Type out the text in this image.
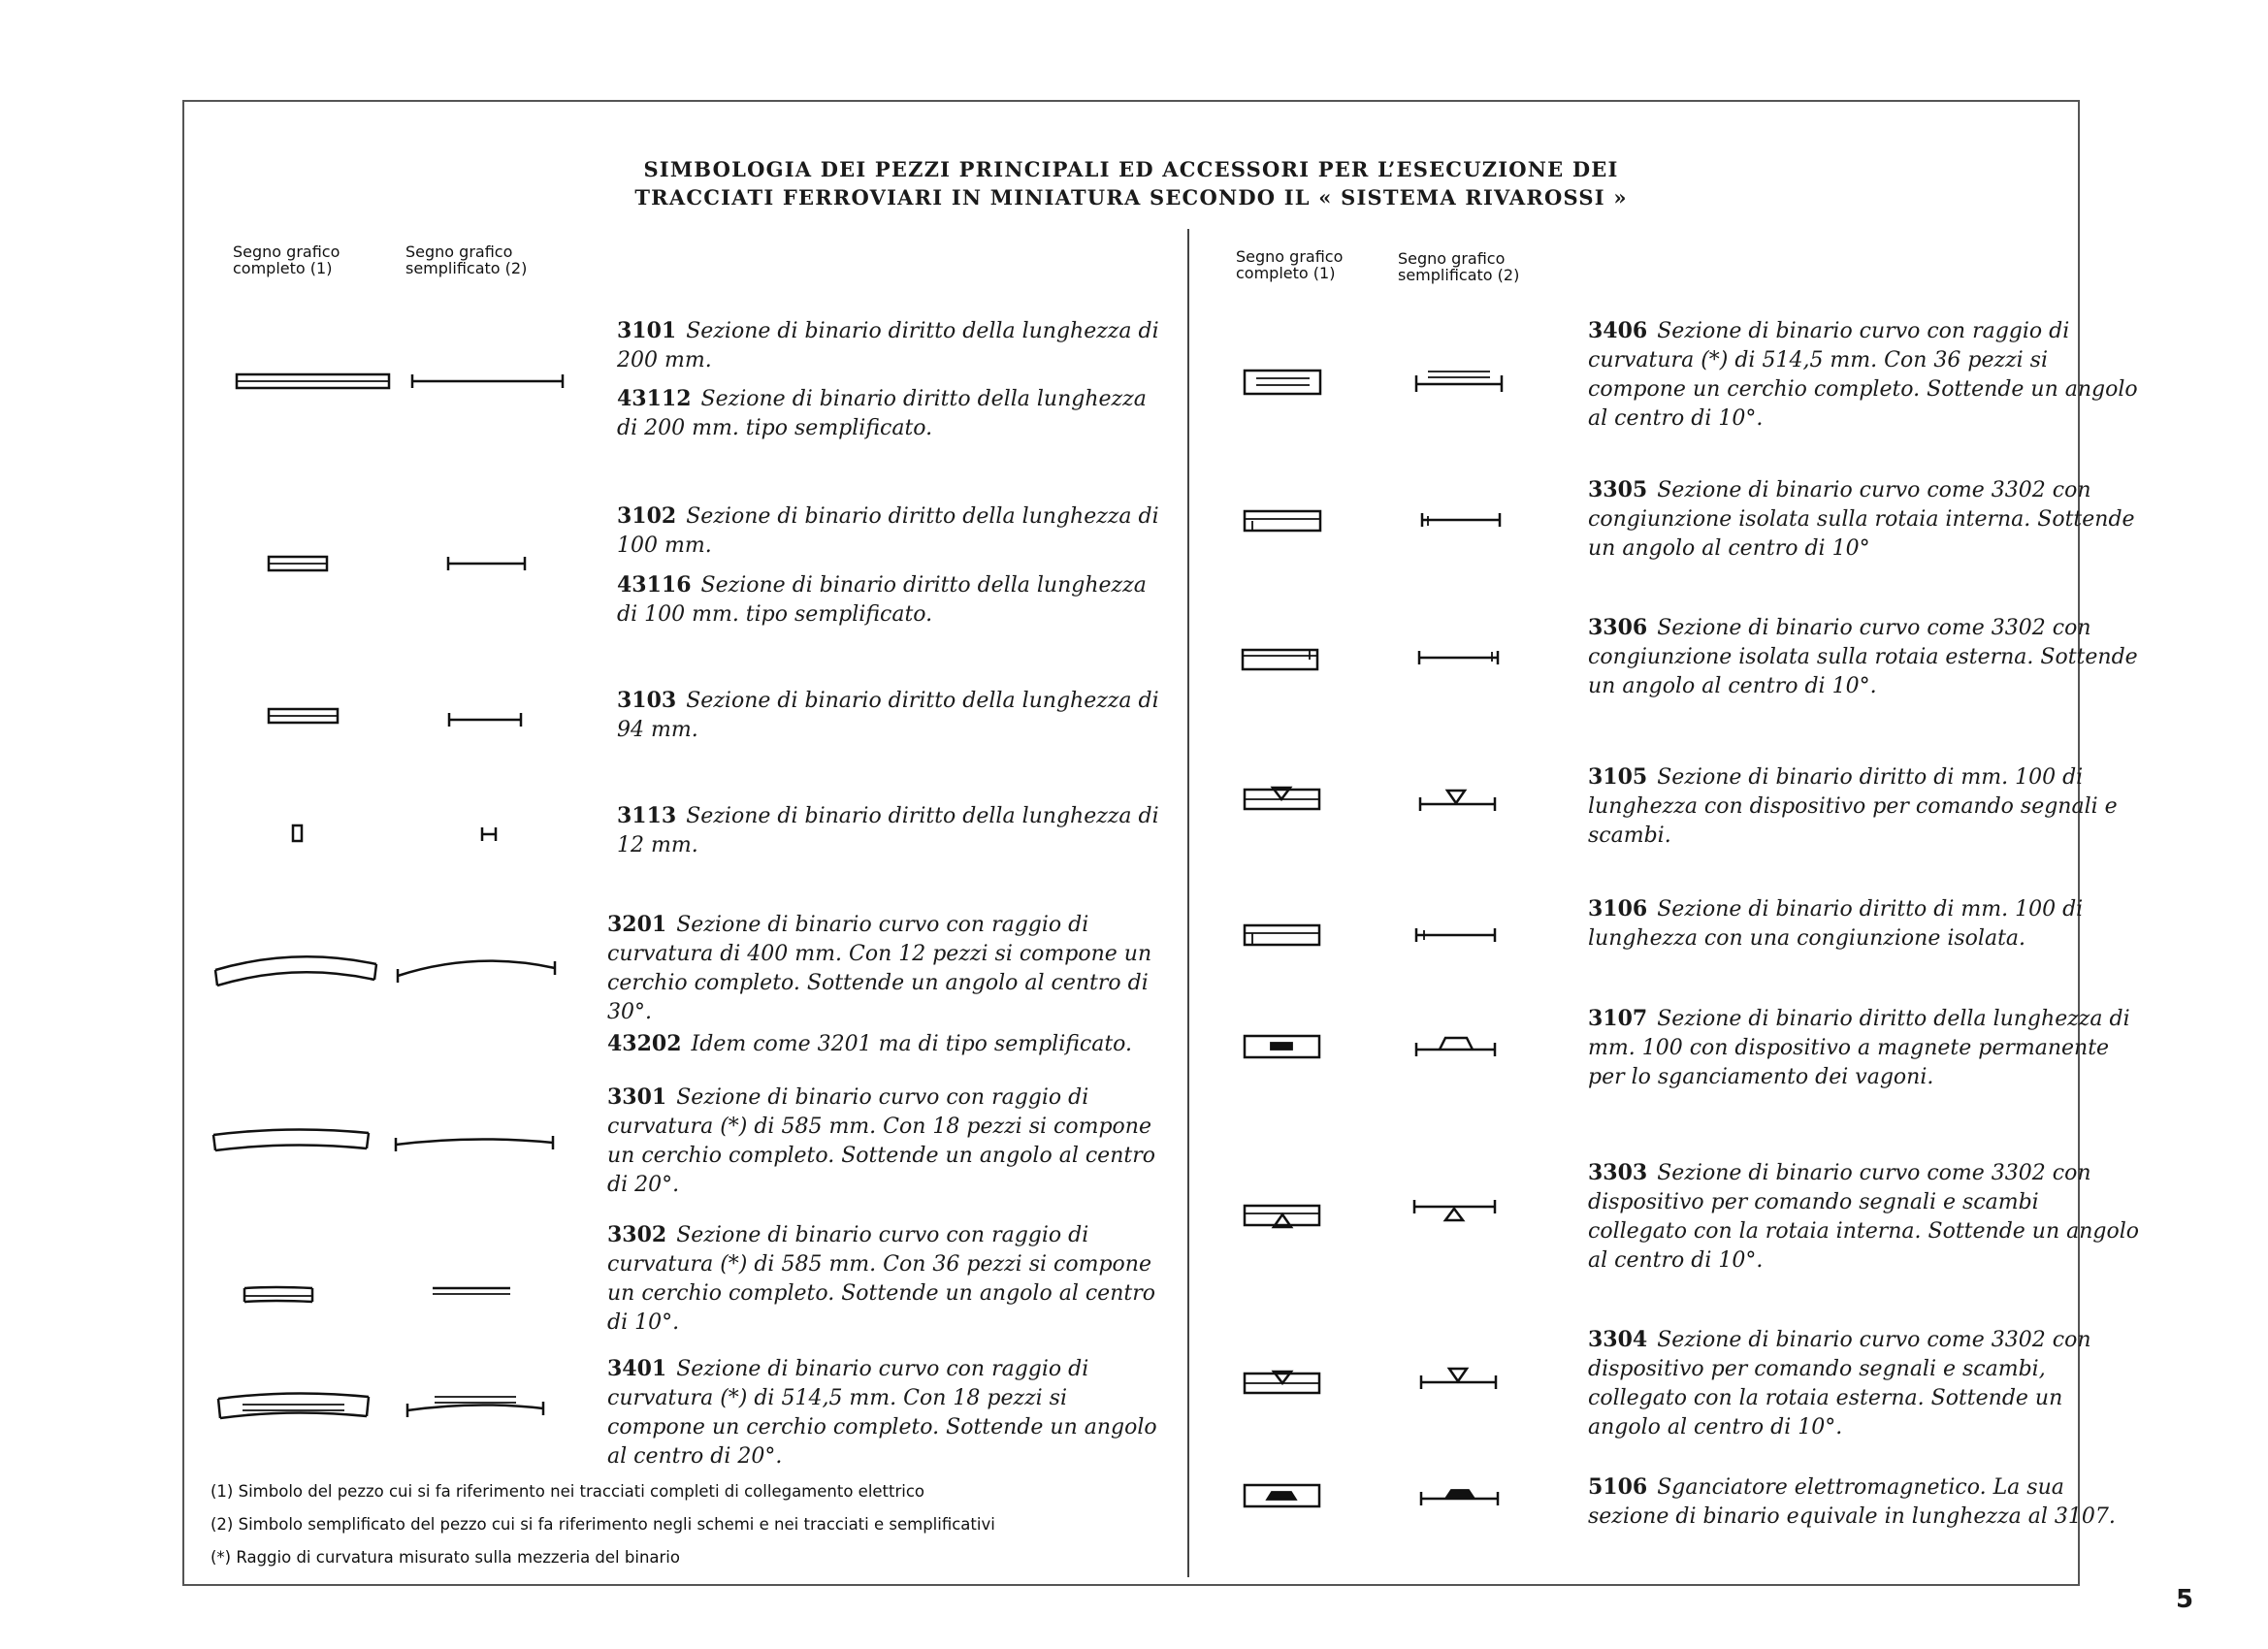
SIMBOLOGIA DEI PEZZI PRINCIPALI ED ACCESSORI PER L’ESECUZIONE DEI
TRACCIATI FERROVIARI IN MINIATURA SECONDO IL « SISTEMA RIVAROSSI »
Segno grafico
completo (1)
Segno grafico
semplificato (2)
Segno grafico
completo (1)
Segno grafico
semplificato (2)
3101 Sezione di binario diritto della lunghezza di 200 mm.
43112 Sezione di binario diritto della lunghezza di 200 mm. tipo semplificato.
3102 Sezione di binario diritto della lunghezza di 100 mm.
43116 Sezione di binario diritto della lunghezza di 100 mm. tipo semplificato.
3103 Sezione di binario diritto della lunghezza di 94 mm.
3113 Sezione di binario diritto della lunghezza di 12 mm.
3201 Sezione di binario curvo con raggio di curvatura di 400 mm. Con 12 pezzi si compone un cerchio completo. Sottende un angolo al centro di 30°.
43202 Idem come 3201 ma di tipo semplificato.
3301 Sezione di binario curvo con raggio di curvatura (*) di 585 mm. Con 18 pezzi si compone un cerchio completo. Sottende un angolo al centro di 20°.
3302 Sezione di binario curvo con raggio di curvatura (*) di 585 mm. Con 36 pezzi si compone un cerchio completo. Sottende un angolo al centro di 10°.
3401 Sezione di binario curvo con raggio di curvatura (*) di 514,5 mm. Con 18 pezzi si compone un cerchio completo. Sottende un angolo al centro di 20°.
3406 Sezione di binario curvo con raggio di curvatura (*) di 514,5 mm. Con 36 pezzi si compone un cerchio completo. Sottende un angolo al centro di 10°.
3305 Sezione di binario curvo come 3302 con congiunzione isolata sulla rotaia interna. Sottende un angolo al centro di 10°
3306 Sezione di binario curvo come 3302 con congiunzione isolata sulla rotaia esterna. Sottende un angolo al centro di 10°.
3105 Sezione di binario diritto di mm. 100 di lunghezza con dispositivo per comando segnali e scambi.
3106 Sezione di binario diritto di mm. 100 di lunghezza con una congiunzione isolata.
3107 Sezione di binario diritto della lunghezza di mm. 100 con dispositivo a magnete permanente per lo sganciamento dei vagoni.
3303 Sezione di binario curvo come 3302 con dispositivo per comando segnali e scambi collegato con la rotaia interna. Sottende un angolo al centro di 10°.
3304 Sezione di binario curvo come 3302 con dispositivo per comando segnali e scambi, collegato con la rotaia esterna. Sottende un angolo al centro di 10°.
5106 Sganciatore elettromagnetico. La sua sezione di binario equivale in lunghezza al 3107.
(1) Simbolo del pezzo cui si fa riferimento nei tracciati completi di collegamento elettrico
(2) Simbolo semplificato del pezzo cui si fa riferimento negli schemi e nei tracciati e semplificativi
(*) Raggio di curvatura misurato sulla mezzeria del binario
5
